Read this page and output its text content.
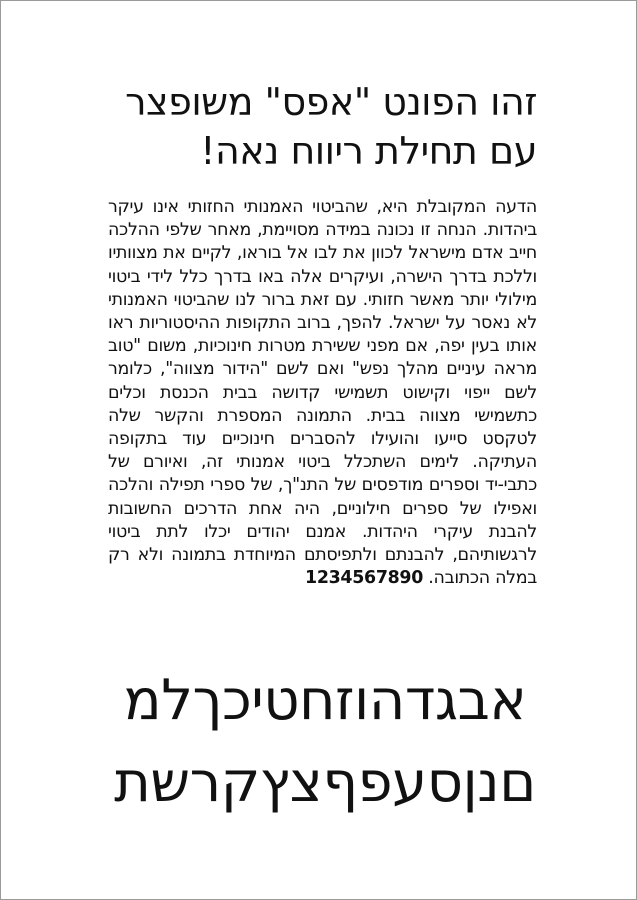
זהו הפונט "אפס" משופצר
עם תחילת ריווח נאה!
הדעה המקובלת היא, שהביטוי האמנותי החזותי אינו עיקר ביהדות. הנחה זו נכונה במידה מסויימת, מאחר שלפי ההלכה חייב אדם מישראל לכוון את לבו אל בוראו, לקיים את מצוותיו וללכת בדרך הישרה, ועיקרים אלה באו בדרך כלל לידי ביטוי מילולי יותר מאשר חזותי. עם זאת ברור לנו שהביטוי האמנותי לא נאסר על ישראל. להפך, ברוב התקופות ההיסטוריות ראו אותו בעין יפה, אם מפני ששירת מטרות חינוכיות, משום "טוב מראה עיניים מהלך נפש" ואם לשם "הידור מצווה", כלומר לשם ייפוי וקישוט תשמישי קדושה בבית הכנסת וכלים כתשמישי מצווה בבית. התמונה המספרת והקשר שלה לטקסט סייעו והועילו להסברים חינוכיים עוד בתקופה העתיקה. לימים השתכלל ביטוי אמנותי זה, ואיורם של כתבי-יד וספרים מודפסים של התנ"ך, של ספרי תפילה והלכה ואפילו של ספרים חילוניים, היה אחת הדרכים החשובות להבנת עיקרי היהדות. אמנם יהודים יכלו לתת ביטוי לרגשותיהם, להבנתם ולתפיסתם המיוחדת בתמונה ולא רק במלה הכתובה. 1234567890
אבגדהוזחטיכךלמ
םנןסעפףצץקרשת
